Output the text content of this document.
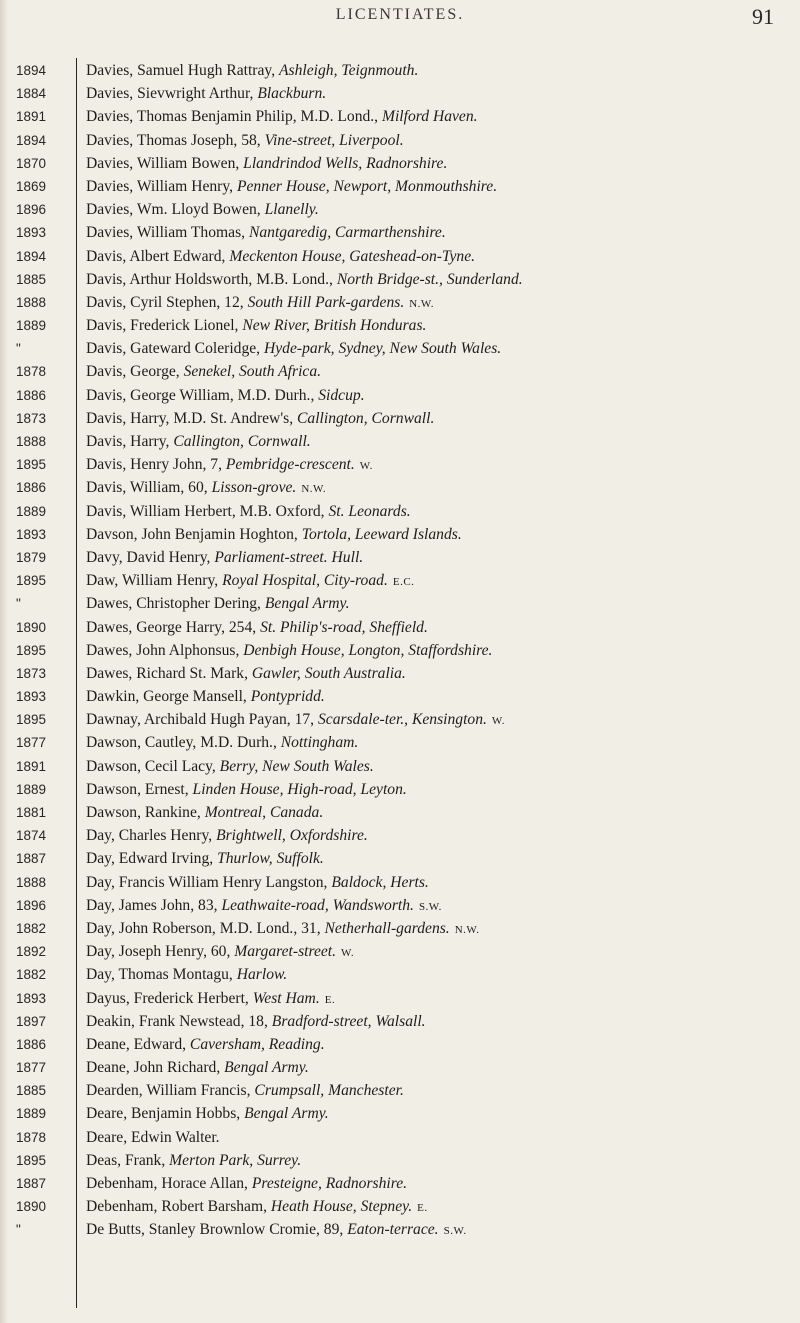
LICENTIATES.	91
1894	Davies, Samuel Hugh Rattray, Ashleigh, Teignmouth.
1884	Davies, Sievwright Arthur, Blackburn.
1891	Davies, Thomas Benjamin Philip, M.D. Lond., Milford Haven.
1894	Davies, Thomas Joseph, 58, Vine-street, Liverpool.
1870	Davies, William Bowen, Llandrindod Wells, Radnorshire.
1869	Davies, William Henry, Penner House, Newport, Monmouthshire.
1896	Davies, Wm. Lloyd Bowen, Llanelly.
1893	Davies, William Thomas, Nantgaredig, Carmarthenshire.
1894	Davis, Albert Edward, Meckenton House, Gateshead-on-Tyne.
1885	Davis, Arthur Holdsworth, M.B. Lond., North Bridge-st., Sunderland.
1888	Davis, Cyril Stephen, 12, South Hill Park-gardens. N.W.
1889	Davis, Frederick Lionel, New River, British Honduras.
"	Davis, Gateward Coleridge, Hyde-park, Sydney, New South Wales.
1878	Davis, George, Senekel, South Africa.
1886	Davis, George William, M.D. Durh., Sidcup.
1873	Davis, Harry, M.D. St. Andrew's, Callington, Cornwall.
1888	Davis, Harry, Callington, Cornwall.
1895	Davis, Henry John, 7, Pembridge-crescent. W.
1886	Davis, William, 60, Lisson-grove. N.W.
1889	Davis, William Herbert, M.B. Oxford, St. Leonards.
1893	Davson, John Benjamin Hoghton, Tortola, Leeward Islands.
1879	Davy, David Henry, Parliament-street. Hull.
1895	Daw, William Henry, Royal Hospital, City-road. E.C.
"	Dawes, Christopher Dering, Bengal Army.
1890	Dawes, George Harry, 254, St. Philip's-road, Sheffield.
1895	Dawes, John Alphonsus, Denbigh House, Longton, Staffordshire.
1873	Dawes, Richard St. Mark, Gawler, South Australia.
1893	Dawkin, George Mansell, Pontypridd.
1895	Dawnay, Archibald Hugh Payan, 17, Scarsdale-ter., Kensington. W.
1877	Dawson, Cautley, M.D. Durh., Nottingham.
1891	Dawson, Cecil Lacy, Berry, New South Wales.
1889	Dawson, Ernest, Linden House, High-road, Leyton.
1881	Dawson, Rankine, Montreal, Canada.
1874	Day, Charles Henry, Brightwell, Oxfordshire.
1887	Day, Edward Irving, Thurlow, Suffolk.
1888	Day, Francis William Henry Langston, Baldock, Herts.
1896	Day, James John, 83, Leathwaite-road, Wandsworth. S.W.
1882	Day, John Roberson, M.D. Lond., 31, Netherhall-gardens. N.W.
1892	Day, Joseph Henry, 60, Margaret-street. W.
1882	Day, Thomas Montagu, Harlow.
1893	Dayus, Frederick Herbert, West Ham. E.
1897	Deakin, Frank Newstead, 18, Bradford-street, Walsall.
1886	Deane, Edward, Caversham, Reading.
1877	Deane, John Richard, Bengal Army.
1885	Dearden, William Francis, Crumpsall, Manchester.
1889	Deare, Benjamin Hobbs, Bengal Army.
1878	Deare, Edwin Walter.
1895	Deas, Frank, Merton Park, Surrey.
1887	Debenham, Horace Allan, Presteigne, Radnorshire.
1890	Debenham, Robert Barsham, Heath House, Stepney. E.
"	De Butts, Stanley Brownlow Cromie, 89, Eaton-terrace. S.W.
